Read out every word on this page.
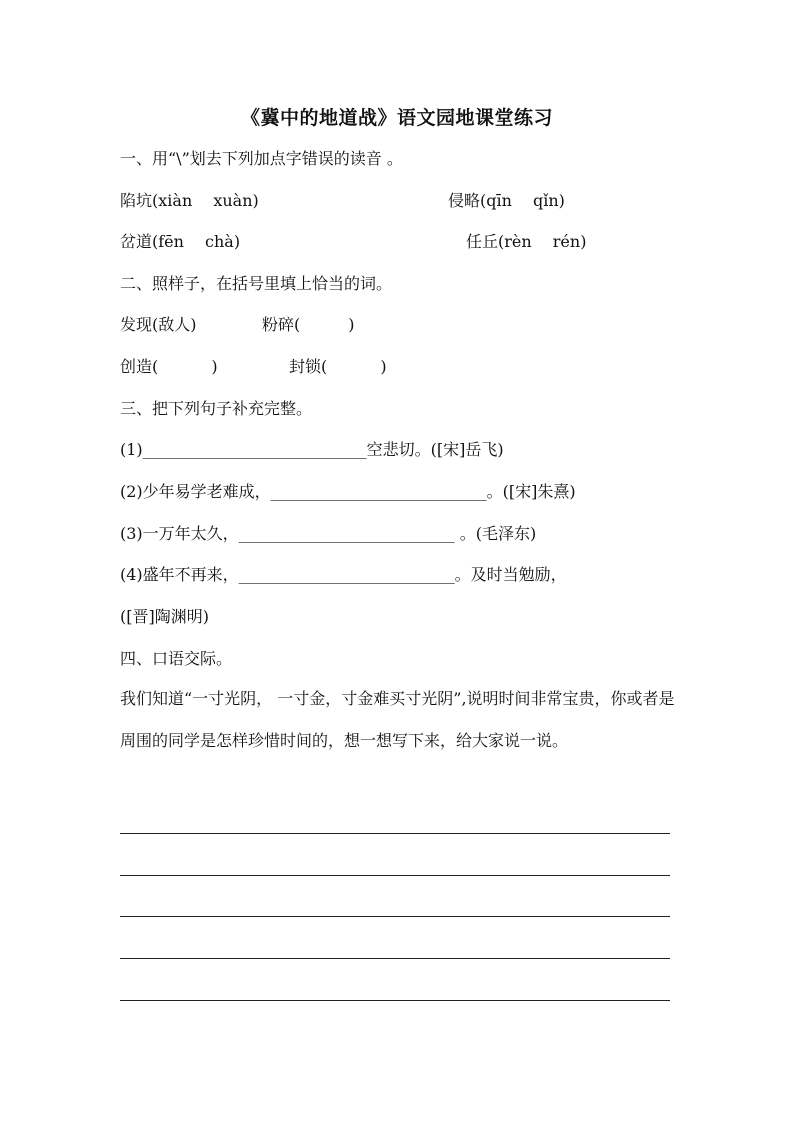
《冀中的地道战》语文园地课堂练习
一、用“\”划去下列加点字错误的读音 。
陷坑(xiàn　 xuàn)	侵略(qīn　 qǐn)
岔道(fēn　 chà)	任丘(rèn　 rén)
二、照样子，在括号里填上恰当的词。
发现(敌人)	粉碎(　　　)
创造(　　　 )	封锁(　　　 )
三、把下列句子补充完整。
(1)____________________________空悲切。([宋]岳飞)
(2)少年易学老难成，___________________________。([宋]朱熹)
(3)一万年太久，___________________________ 。(毛泽东)
(4)盛年不再来，___________________________。及时当勉励，
([晋]陶渊明)
四、口语交际。
我们知道“一寸光阴， 一寸金，寸金难买寸光阴”,说明时间非常宝贵，你或者是周围的同学是怎样珍惜时间的，想一想写下来，给大家说一说。
